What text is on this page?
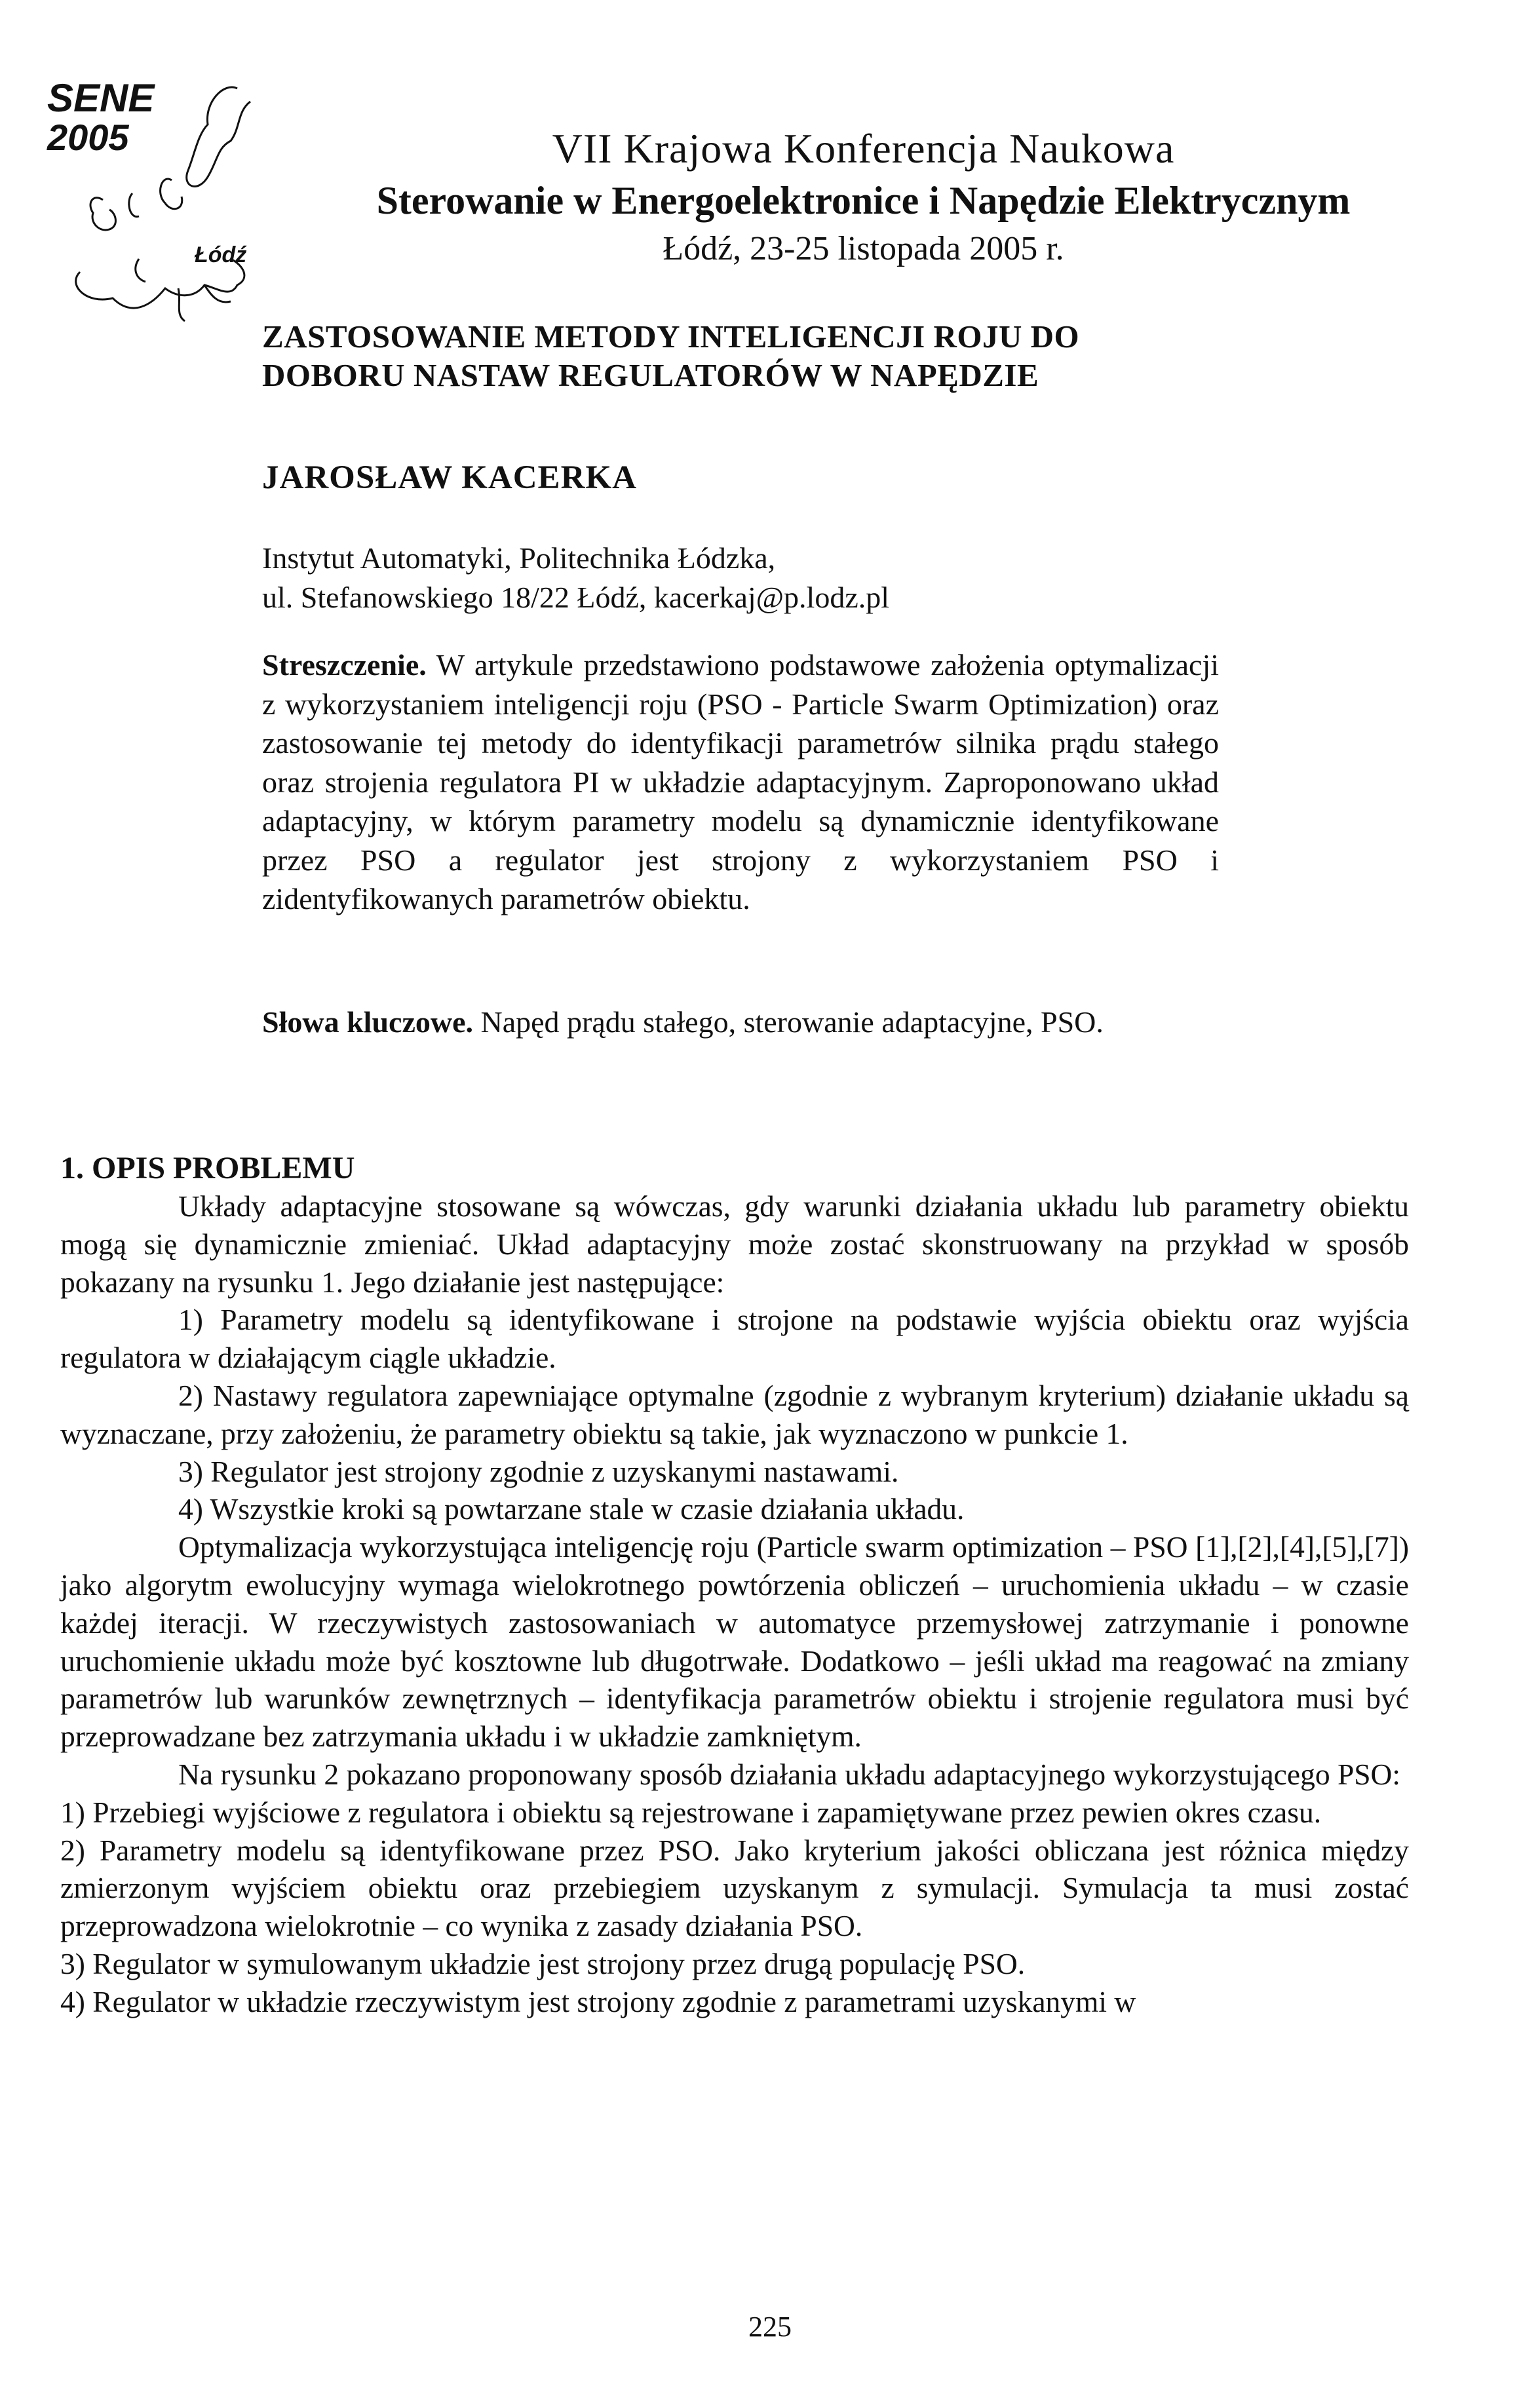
SENE
2005
Łódź
VII Krajowa Konferencja Naukowa
Sterowanie w Energoelektronice i Napędzie Elektrycznym
Łódź, 23-25 listopada 2005 r.
ZASTOSOWANIE METODY INTELIGENCJI ROJU DO
DOBORU NASTAW REGULATORÓW W NAPĘDZIE
JAROSŁAW KACERKA
Instytut Automatyki, Politechnika Łódzka,
ul. Stefanowskiego 18/22 Łódź, kacerkaj@p.lodz.pl
Streszczenie. W artykule przedstawiono podstawowe założenia optymalizacji z wykorzystaniem inteligencji roju (PSO - Particle Swarm Optimization) oraz zastosowanie tej metody do identyfikacji parametrów silnika prądu stałego oraz strojenia regulatora PI w układzie adaptacyjnym. Zaproponowano układ adaptacyjny, w którym parametry modelu są dynamicznie identyfikowane przez PSO a regulator jest strojony z wykorzystaniem PSO i zidentyfikowanych parametrów obiektu.
Słowa kluczowe. Napęd prądu stałego, sterowanie adaptacyjne, PSO.
1. OPIS PROBLEMU

Układy adaptacyjne stosowane są wówczas, gdy warunki działania układu lub parametry obiektu mogą się dynamicznie zmieniać. Układ adaptacyjny może zostać skonstruowany na przykład w sposób pokazany na rysunku 1. Jego działanie jest następujące:

1) Parametry modelu są identyfikowane i strojone na podstawie wyjścia obiektu oraz wyjścia regulatora w działającym ciągle układzie.

2) Nastawy regulatora zapewniające optymalne (zgodnie z wybranym kryterium) działanie układu są wyznaczane, przy założeniu, że parametry obiektu są takie, jak wyznaczono w punkcie 1.

3) Regulator jest strojony zgodnie z uzyskanymi nastawami.

4) Wszystkie kroki są powtarzane stale w czasie działania układu.

Optymalizacja wykorzystująca inteligencję roju (Particle swarm optimization – PSO [1],[2],[4],[5],[7]) jako algorytm ewolucyjny wymaga wielokrotnego powtórzenia obliczeń – uruchomienia układu – w czasie każdej iteracji. W rzeczywistych zastosowaniach w automatyce przemysłowej zatrzymanie i ponowne uruchomienie układu może być kosztowne lub długotrwałe. Dodatkowo – jeśli układ ma reagować na zmiany parametrów lub warunków zewnętrznych – identyfikacja parametrów obiektu i strojenie regulatora musi być przeprowadzane bez zatrzymania układu i w układzie zamkniętym.

Na rysunku 2 pokazano proponowany sposób działania układu adaptacyjnego wykorzystującego PSO:

1) Przebiegi wyjściowe z regulatora i obiektu są rejestrowane i zapamiętywane przez pewien okres czasu.

2) Parametry modelu są identyfikowane przez PSO. Jako kryterium jakości obliczana jest różnica między zmierzonym wyjściem obiektu oraz przebiegiem uzyskanym z symulacji. Symulacja ta musi zostać przeprowadzona wielokrotnie – co wynika z zasady działania PSO.

3) Regulator w symulowanym układzie jest strojony przez drugą populację PSO.

4) Regulator w układzie rzeczywistym jest strojony zgodnie z parametrami uzyskanymi w

225
